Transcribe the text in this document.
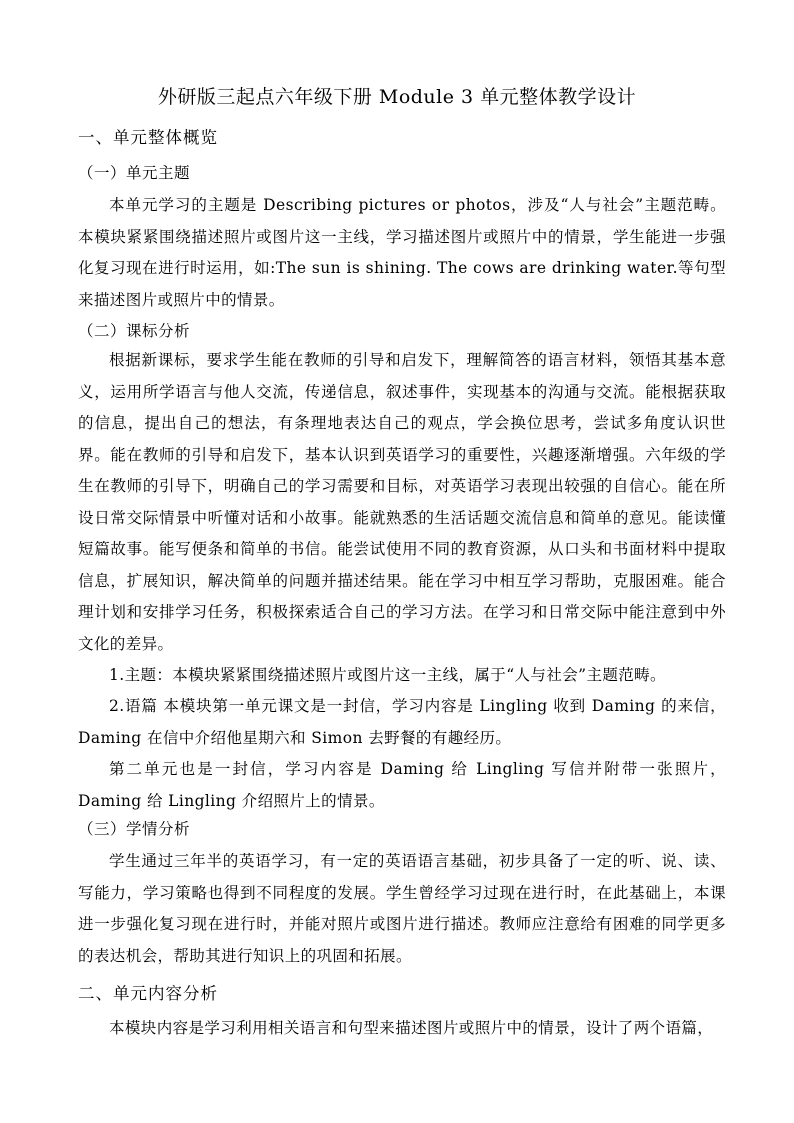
外研版三起点六年级下册 Module 3 单元整体教学设计
一、单元整体概览
（一）单元主题

本单元学习的主题是 Describing pictures or photos，涉及“人与社会”主题范畴。本模块紧紧围绕描述照片或图片这一主线，学习描述图片或照片中的情景，学生能进一步强化复习现在进行时运用，如:The sun is shining. The cows are drinking water.等句型来描述图片或照片中的情景。

（二）课标分析

根据新课标，要求学生能在教师的引导和启发下，理解简答的语言材料，领悟其基本意义，运用所学语言与他人交流，传递信息，叙述事件，实现基本的沟通与交流。能根据获取的信息，提出自己的想法，有条理地表达自己的观点，学会换位思考，尝试多角度认识世界。能在教师的引导和启发下，基本认识到英语学习的重要性，兴趣逐渐增强。六年级的学生在教师的引导下，明确自己的学习需要和目标，对英语学习表现出较强的自信心。能在所设日常交际情景中听懂对话和小故事。能就熟悉的生活话题交流信息和简单的意见。能读懂短篇故事。能写便条和简单的书信。能尝试使用不同的教育资源，从口头和书面材料中提取信息，扩展知识，解决简单的问题并描述结果。能在学习中相互学习帮助，克服困难。能合理计划和安排学习任务，积极探索适合自己的学习方法。在学习和日常交际中能注意到中外文化的差异。

1.主题：本模块紧紧围绕描述照片或图片这一主线，属于“人与社会”主题范畴。

2.语篇 本模块第一单元课文是一封信，学习内容是 Lingling 收到 Daming 的来信，Daming 在信中介绍他星期六和 Simon 去野餐的有趣经历。

第二单元也是一封信，学习内容是 Daming 给 Lingling 写信并附带一张照片，Daming 给 Lingling 介绍照片上的情景。

（三）学情分析

学生通过三年半的英语学习，有一定的英语语言基础，初步具备了一定的听、说、读、写能力，学习策略也得到不同程度的发展。学生曾经学习过现在进行时，在此基础上，本课进一步强化复习现在进行时，并能对照片或图片进行描述。教师应注意给有困难的同学更多的表达机会，帮助其进行知识上的巩固和拓展。

二、单元内容分析

本模块内容是学习利用相关语言和句型来描述图片或照片中的情景，设计了两个语篇，
